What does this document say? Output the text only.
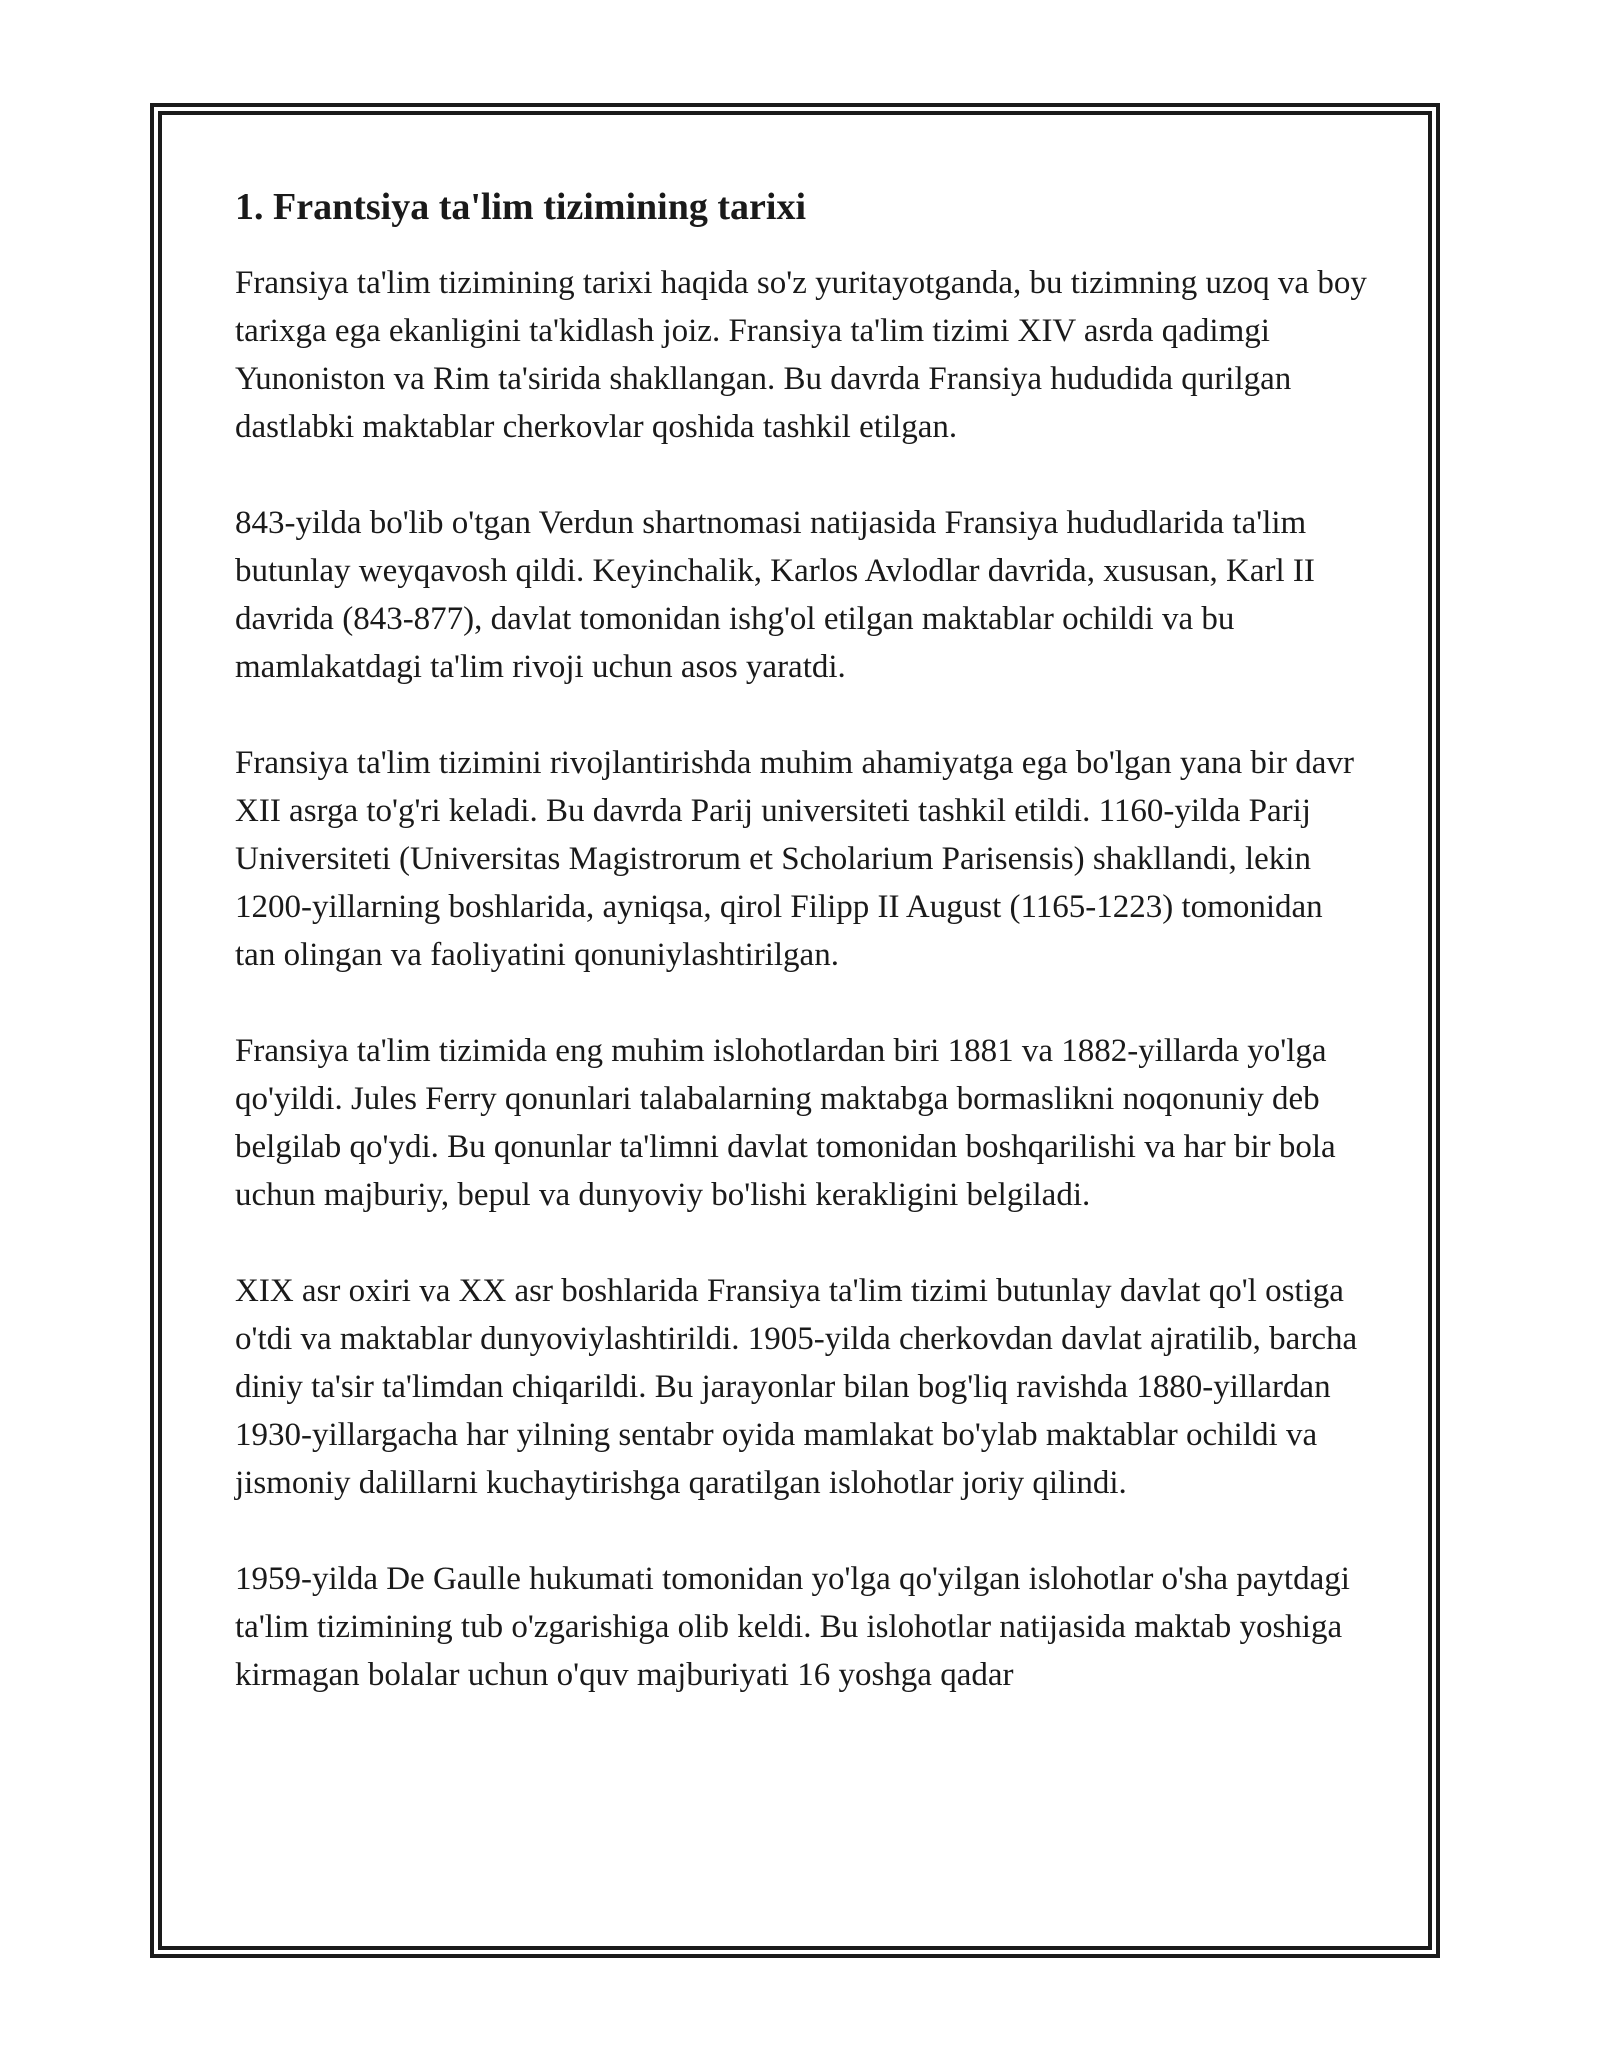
1. Frantsiya ta'lim tizimining tarixi

Fransiya ta'lim tizimining tarixi haqida so'z yuritayotganda, bu tizimning uzoq va boy tarixga ega ekanligini ta'kidlash joiz. Fransiya ta'lim tizimi XIV asrda qadimgi Yunoniston va Rim ta'sirida shakllangan. Bu davrda Fransiya hududida qurilgan dastlabki maktablar cherkovlar qoshida tashkil etilgan.

843-yilda bo'lib o'tgan Verdun shartnomasi natijasida Fransiya hududlarida ta'lim butunlay weyqavosh qildi. Keyinchalik, Karlos Avlodlar davrida, xususan, Karl II davrida (843-877), davlat tomonidan ishg'ol etilgan maktablar ochildi va bu mamlakatdagi ta'lim rivoji uchun asos yaratdi.

Fransiya ta'lim tizimini rivojlantirishda muhim ahamiyatga ega bo'lgan yana bir davr XII asrga to'g'ri keladi. Bu davrda Parij universiteti tashkil etildi. 1160-yilda Parij Universiteti (Universitas Magistrorum et Scholarium Parisensis) shakllandi, lekin 1200-yillarning boshlarida, ayniqsa, qirol Filipp II August (1165-1223) tomonidan tan olingan va faoliyatini qonuniylashtirilgan.

Fransiya ta'lim tizimida eng muhim islohotlardan biri 1881 va 1882-yillarda yo'lga qo'yildi. Jules Ferry qonunlari talabalarning maktabga bormaslikni noqonuniy deb belgilab qo'ydi. Bu qonunlar ta'limni davlat tomonidan boshqarilishi va har bir bola uchun majburiy, bepul va dunyoviy bo'lishi kerakligini belgiladi.

XIX asr oxiri va XX asr boshlarida Fransiya ta'lim tizimi butunlay davlat qo'l ostiga o'tdi va maktablar dunyoviylashtirildi. 1905-yilda cherkovdan davlat ajratilib, barcha diniy ta'sir ta'limdan chiqarildi. Bu jarayonlar bilan bog'liq ravishda 1880-yillardan 1930-yillargacha har yilning sentabr oyida mamlakat bo'ylab maktablar ochildi va jismoniy dalillarni kuchaytirishga qaratilgan islohotlar joriy qilindi.

1959-yilda De Gaulle hukumati tomonidan yo'lga qo'yilgan islohotlar o'sha paytdagi ta'lim tizimining tub o'zgarishiga olib keldi. Bu islohotlar natijasida maktab yoshiga kirmagan bolalar uchun o'quv majburiyati 16 yoshga qadar
